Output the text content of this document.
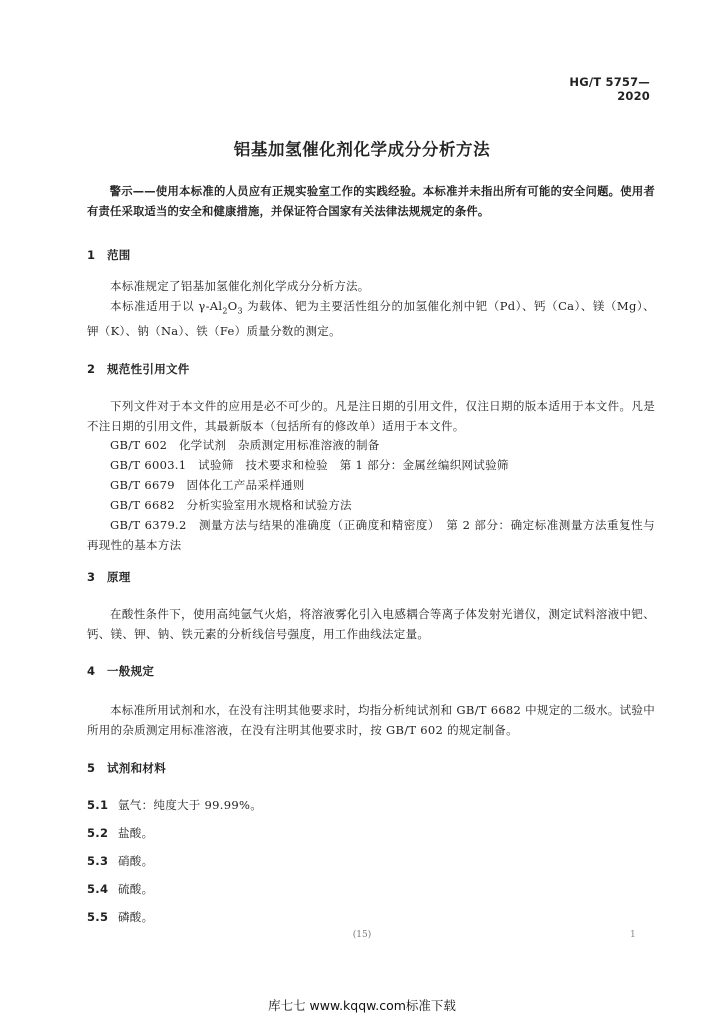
HG/T 5757—2020
铝基加氢催化剂化学成分分析方法
警示——使用本标准的人员应有正规实验室工作的实践经验。本标准并未指出所有可能的安全问题。使用者有责任采取适当的安全和健康措施，并保证符合国家有关法律法规规定的条件。
1 范围
本标准规定了铝基加氢催化剂化学成分分析方法。
本标准适用于以 $\gamma-Al_2O_3$ 为载体、钯为主要活性组分的加氢催化剂中钯（Pd）、钙（Ca）、镁（Mg）、钾（K）、钠（Na）、铁（Fe）质量分数的测定。
2 规范性引用文件
下列文件对于本文件的应用是必不可少的。凡是注日期的引用文件，仅注日期的版本适用于本文件。凡是不注日期的引用文件，其最新版本（包括所有的修改单）适用于本文件。
GB/T 602　化学试剂　杂质测定用标准溶液的制备
GB/T 6003.1　试验筛　技术要求和检验　第 1 部分：金属丝编织网试验筛
GB/T 6679　固体化工产品采样通则
GB/T 6682　分析实验室用水规格和试验方法
GB/T 6379.2　测量方法与结果的准确度（正确度和精密度）　第 2 部分：确定标准测量方法重复性与再现性的基本方法
3 原理
在酸性条件下，使用高纯氩气火焰，将溶液雾化引入电感耦合等离子体发射光谱仪，测定试料溶液中钯、钙、镁、钾、钠、铁元素的分析线信号强度，用工作曲线法定量。
4 一般规定
本标准所用试剂和水，在没有注明其他要求时，均指分析纯试剂和 GB/T 6682 中规定的二级水。试验中所用的杂质测定用标准溶液，在没有注明其他要求时，按 GB/T 602 的规定制备。
5 试剂和材料
5.1 氩气：纯度大于 99.99%。
5.2 盐酸。
5.3 硝酸。
5.4 硫酸。
5.5 磷酸。
(15)	1
库七七 www.kqqw.com标准下载
